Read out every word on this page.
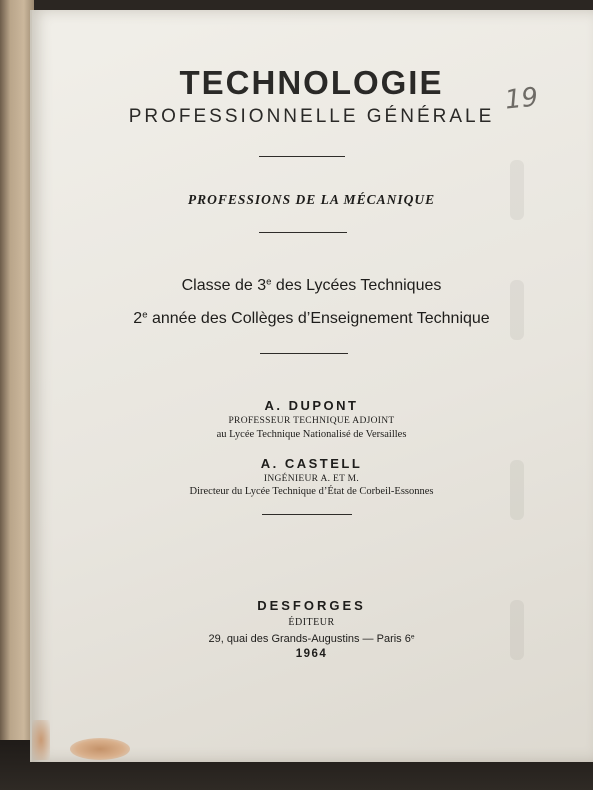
TECHNOLOGIE
PROFESSIONNELLE GÉNÉRALE
19
PROFESSIONS DE LA MÉCANIQUE
Classe de 3e des Lycées Techniques
2e année des Collèges d’Enseignement Technique
A. DUPONT
PROFESSEUR TECHNIQUE ADJOINT
au Lycée Technique Nationalisé de Versailles
A. CASTELL
INGÉNIEUR A. ET M.
Directeur du Lycée Technique d’État de Corbeil-Essonnes
DESFORGES
ÉDITEUR
29, quai des Grands-Augustins — Paris 6e
1964
